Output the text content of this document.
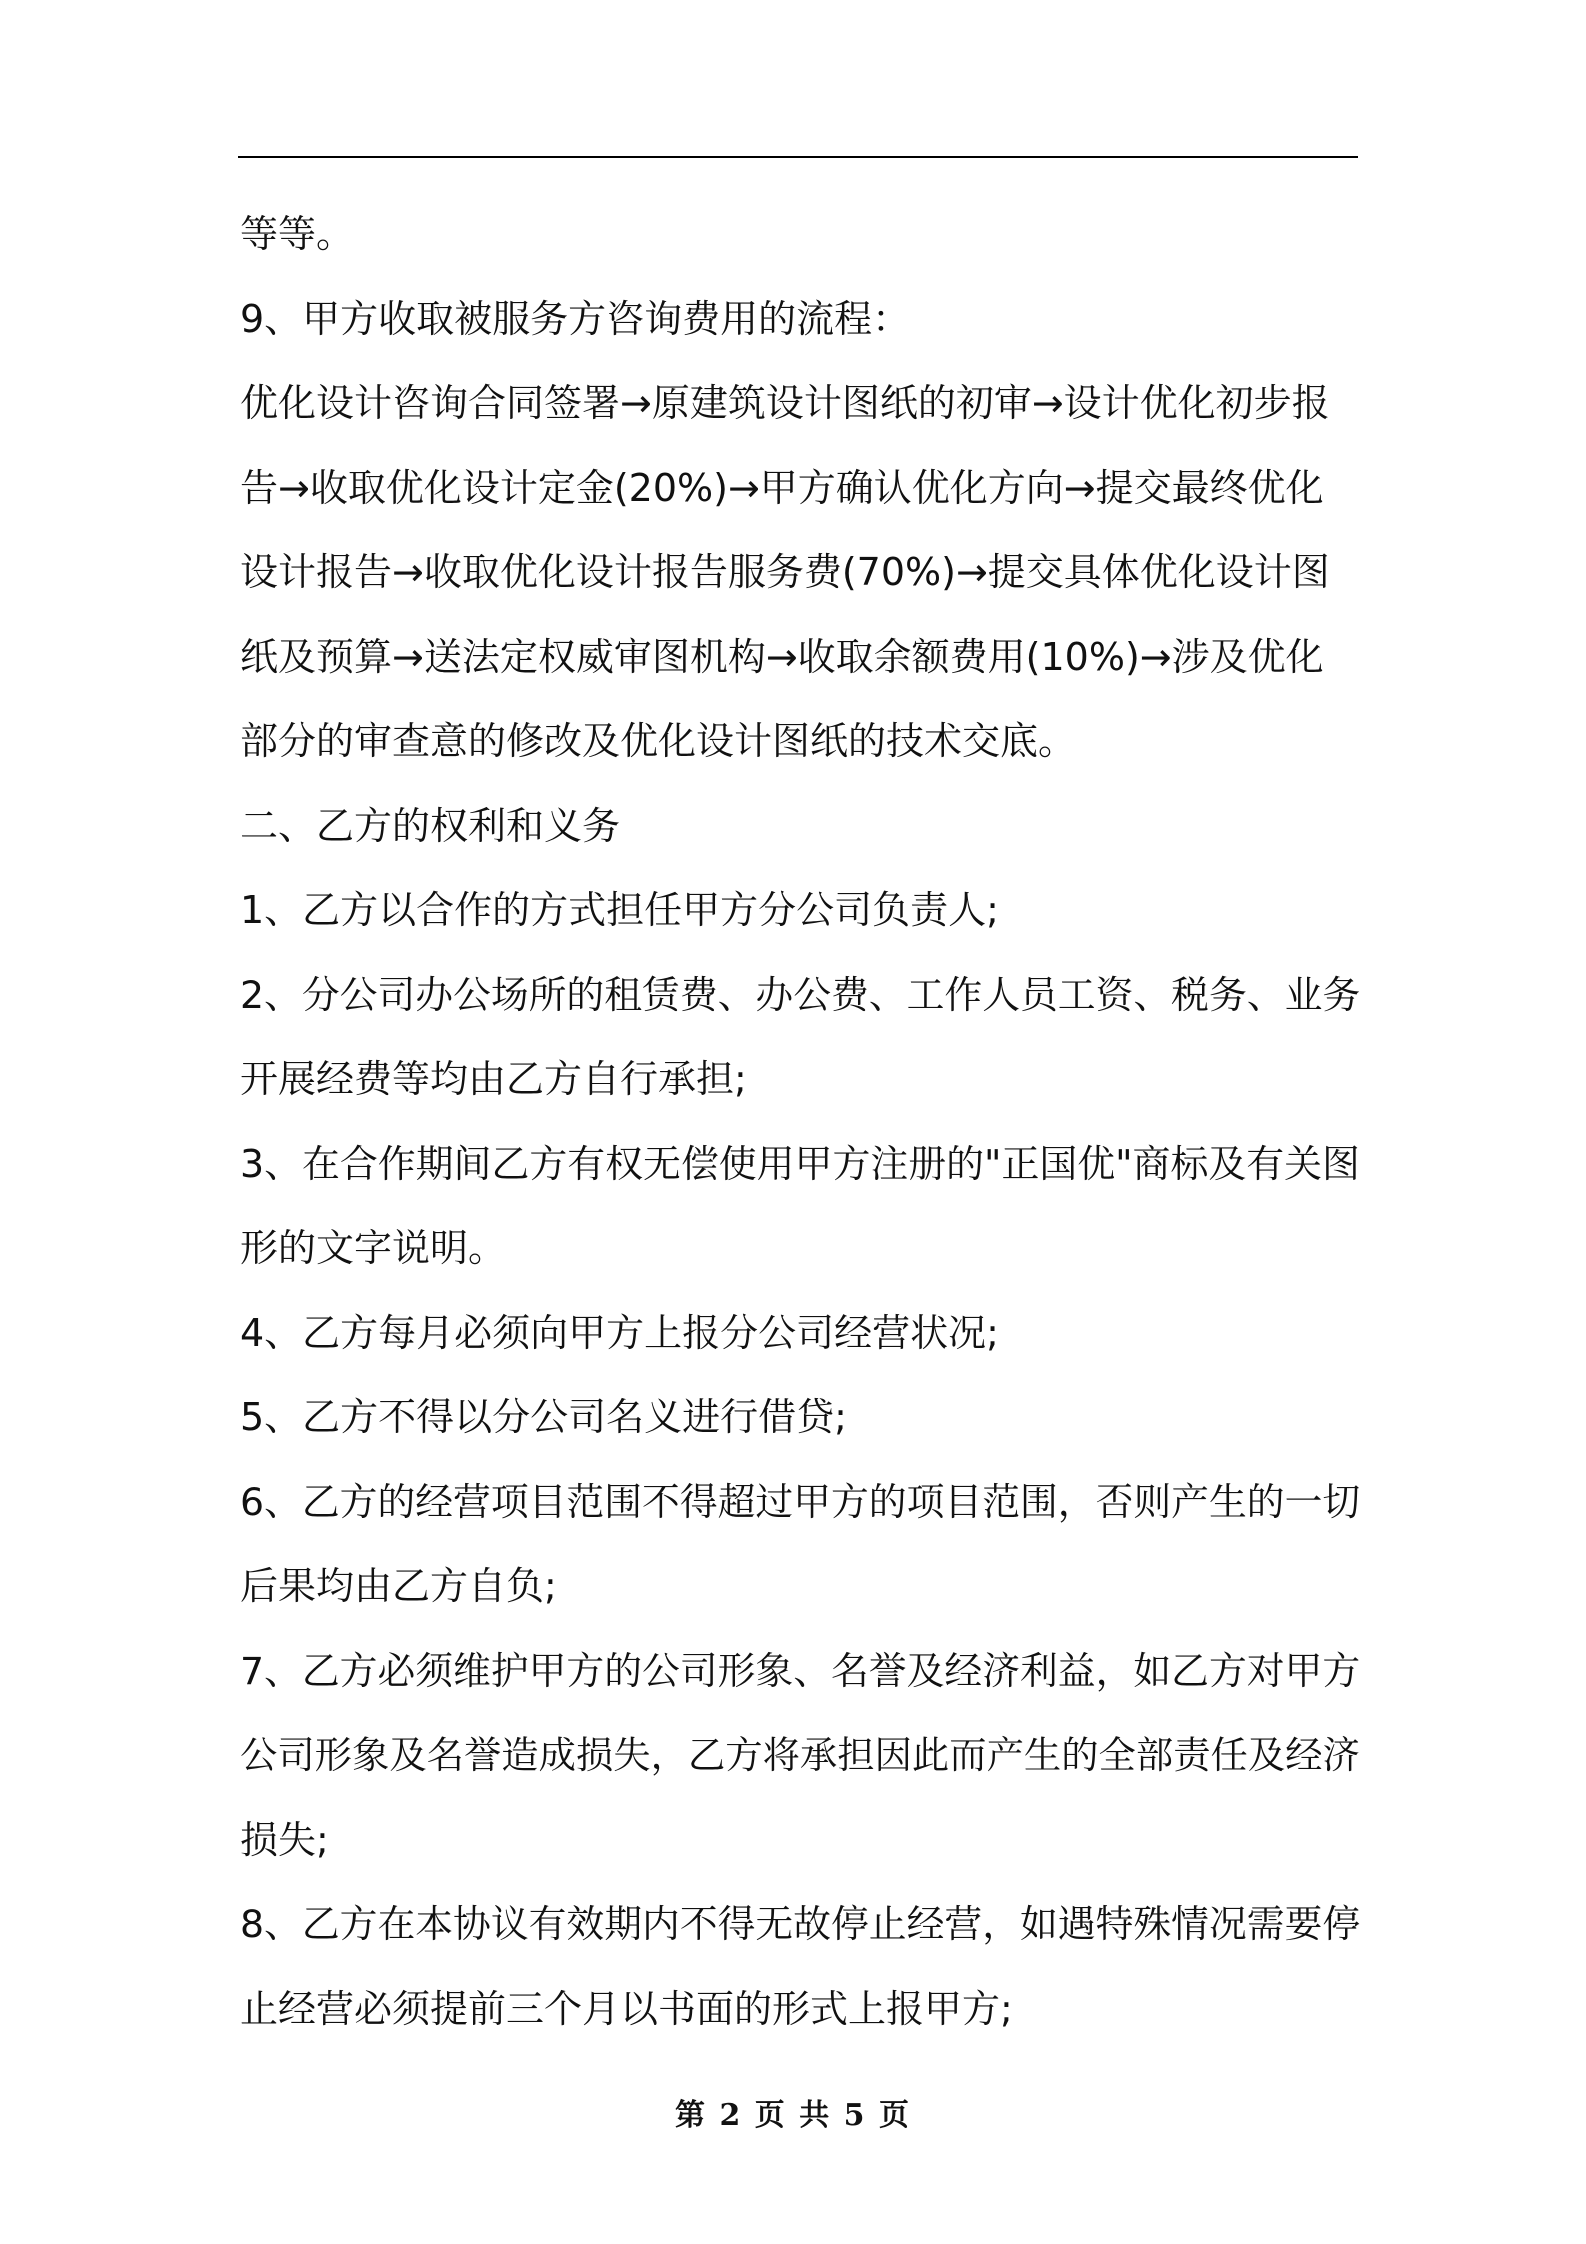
等等。
9、甲方收取被服务方咨询费用的流程：
优化设计咨询合同签署→原建筑设计图纸的初审→设计优化初步报
告→收取优化设计定金(20%)→甲方确认优化方向→提交最终优化
设计报告→收取优化设计报告服务费(70%)→提交具体优化设计图
纸及预算→送法定权威审图机构→收取余额费用(10%)→涉及优化
部分的审查意的修改及优化设计图纸的技术交底。
二、乙方的权利和义务
1、乙方以合作的方式担任甲方分公司负责人;
2、分公司办公场所的租赁费、办公费、工作人员工资、税务、业务
开展经费等均由乙方自行承担;
3、在合作期间乙方有权无偿使用甲方注册的"正国优"商标及有关图
形的文字说明。
4、乙方每月必须向甲方上报分公司经营状况;
5、乙方不得以分公司名义进行借贷;
6、乙方的经营项目范围不得超过甲方的项目范围，否则产生的一切
后果均由乙方自负;
7、乙方必须维护甲方的公司形象、名誉及经济利益，如乙方对甲方
公司形象及名誉造成损失，乙方将承担因此而产生的全部责任及经济
损失;
8、乙方在本协议有效期内不得无故停止经营，如遇特殊情况需要停
止经营必须提前三个月以书面的形式上报甲方;
第 2 页 共 5 页
